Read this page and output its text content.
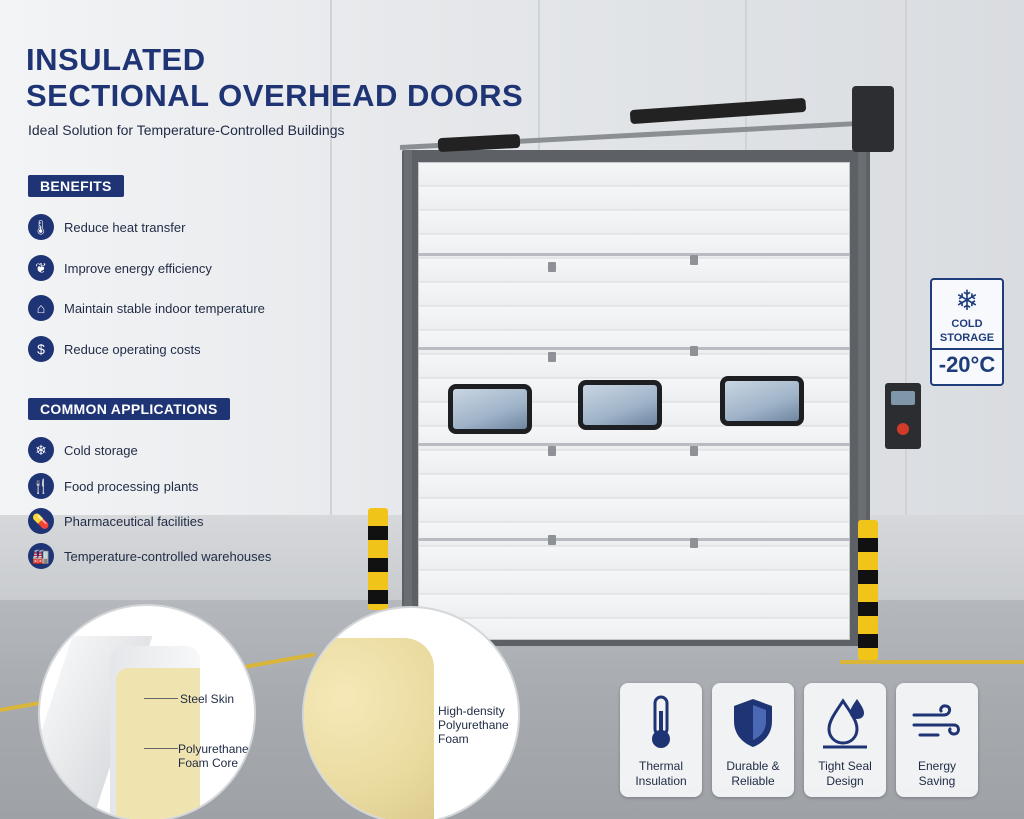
❄
COLD
STORAGE
-20°C
INSULATED
SECTIONAL OVERHEAD DOORS
Ideal Solution for Temperature-Controlled Buildings
BENEFITS
🌡	Reduce heat transfer
❦	Improve energy efficiency
⌂	Maintain stable indoor temperature
$	Reduce operating costs
COMMON APPLICATIONS
❄	Cold storage
🍴	Food processing plants
💊	Pharmaceutical facilities
🏭	Temperature-controlled warehouses
Steel Skin
Polyurethane Foam Core
High-density Polyurethane Foam
Thermal
Insulation
Durable &
Reliable
Tight Seal
Design
Energy
Saving
